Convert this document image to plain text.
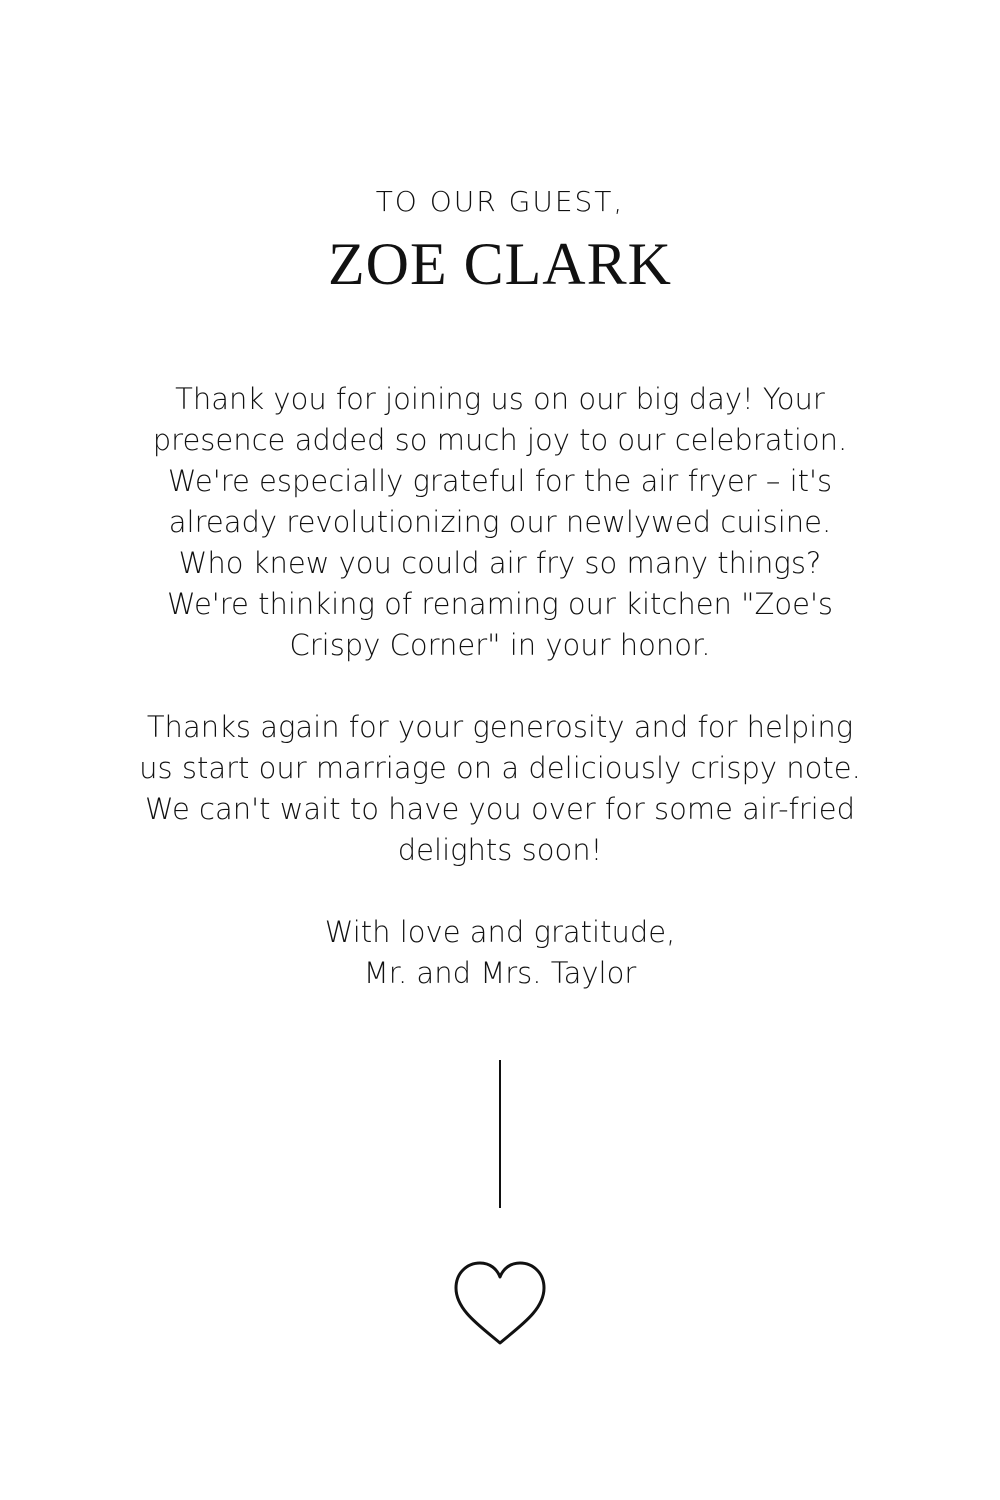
TO OUR GUEST,
ZOE CLARK

Thank you for joining us on our big day! Your
presence added so much joy to our celebration.
We're especially grateful for the air fryer – it's
already revolutionizing our newlywed cuisine.
Who knew you could air fry so many things?
We're thinking of renaming our kitchen "Zoe's
Crispy Corner" in your honor.

Thanks again for your generosity and for helping
us start our marriage on a deliciously crispy note.
We can't wait to have you over for some air-fried
delights soon!

With love and gratitude,
Mr. and Mrs. Taylor
